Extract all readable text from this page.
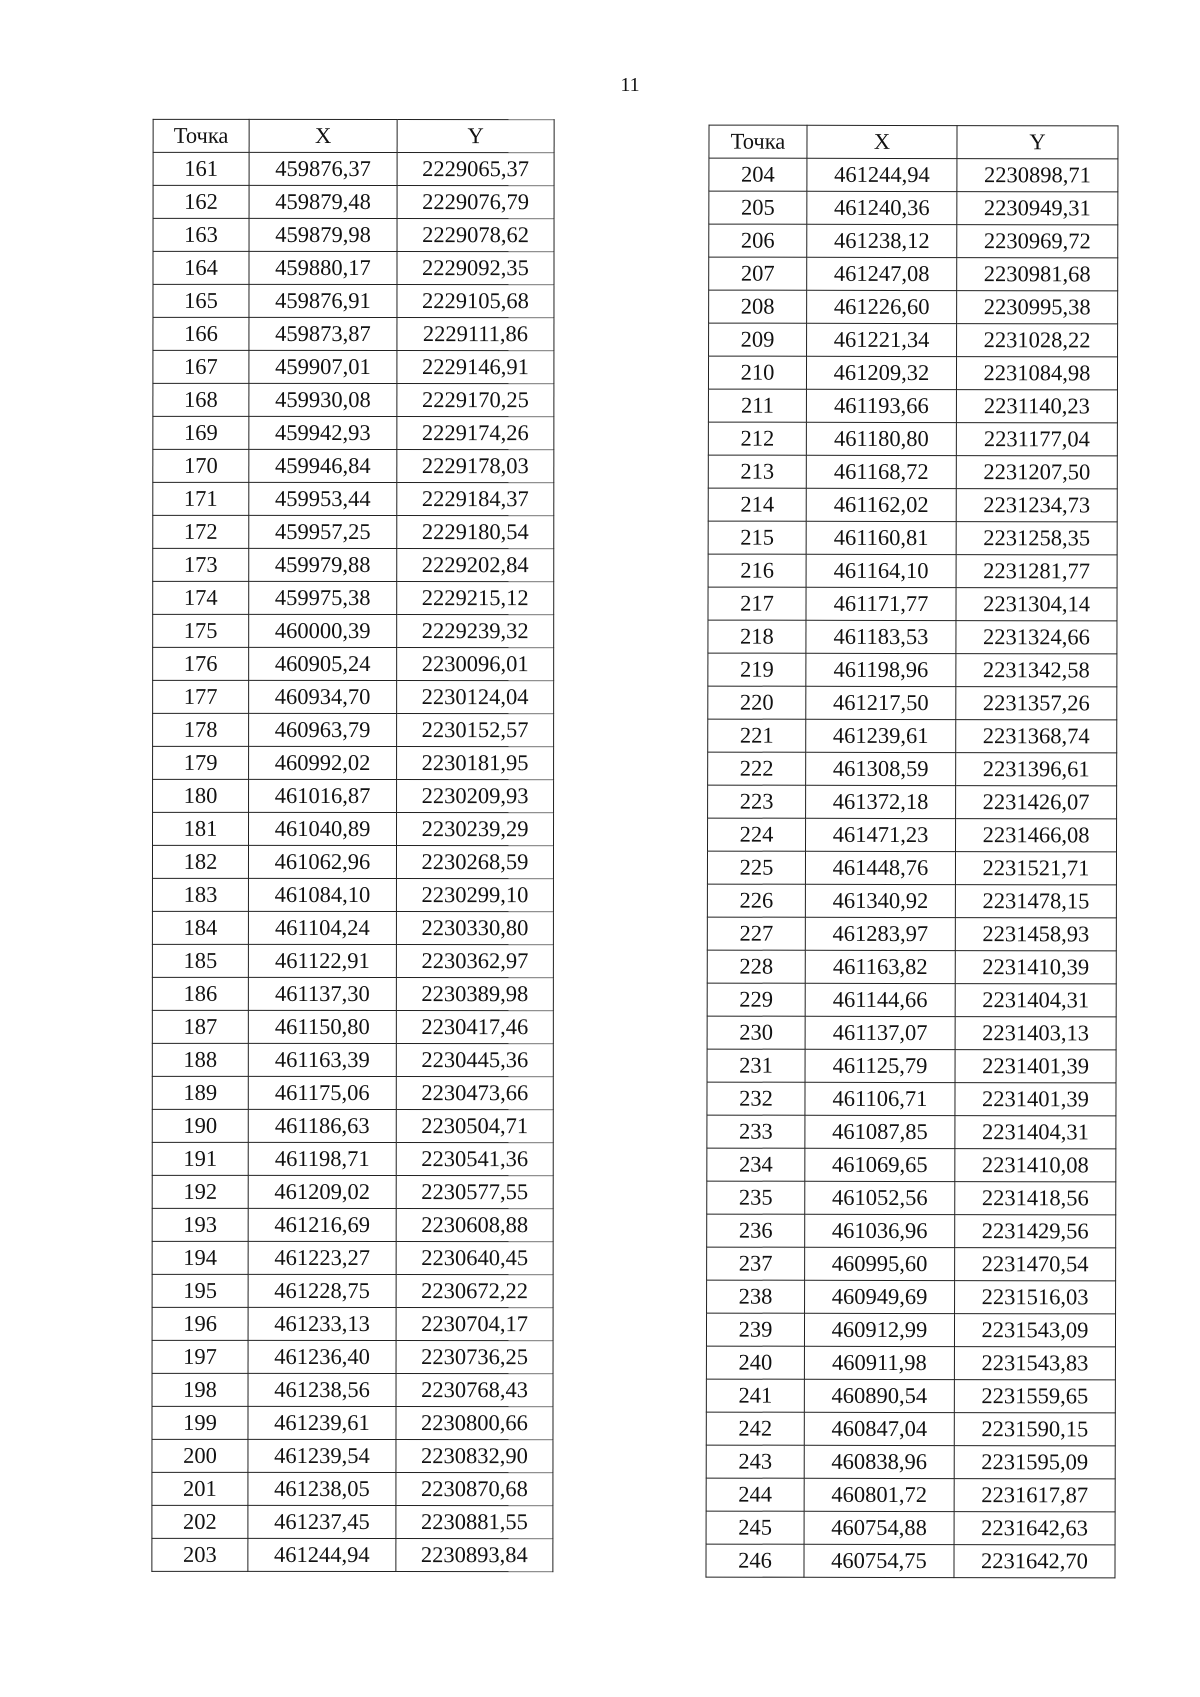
11
Точка	X	Y
161	459876,37	2229065,37
162	459879,48	2229076,79
163	459879,98	2229078,62
164	459880,17	2229092,35
165	459876,91	2229105,68
166	459873,87	2229111,86
167	459907,01	2229146,91
168	459930,08	2229170,25
169	459942,93	2229174,26
170	459946,84	2229178,03
171	459953,44	2229184,37
172	459957,25	2229180,54
173	459979,88	2229202,84
174	459975,38	2229215,12
175	460000,39	2229239,32
176	460905,24	2230096,01
177	460934,70	2230124,04
178	460963,79	2230152,57
179	460992,02	2230181,95
180	461016,87	2230209,93
181	461040,89	2230239,29
182	461062,96	2230268,59
183	461084,10	2230299,10
184	461104,24	2230330,80
185	461122,91	2230362,97
186	461137,30	2230389,98
187	461150,80	2230417,46
188	461163,39	2230445,36
189	461175,06	2230473,66
190	461186,63	2230504,71
191	461198,71	2230541,36
192	461209,02	2230577,55
193	461216,69	2230608,88
194	461223,27	2230640,45
195	461228,75	2230672,22
196	461233,13	2230704,17
197	461236,40	2230736,25
198	461238,56	2230768,43
199	461239,61	2230800,66
200	461239,54	2230832,90
201	461238,05	2230870,68
202	461237,45	2230881,55
203	461244,94	2230893,84
Точка	X	Y
204	461244,94	2230898,71
205	461240,36	2230949,31
206	461238,12	2230969,72
207	461247,08	2230981,68
208	461226,60	2230995,38
209	461221,34	2231028,22
210	461209,32	2231084,98
211	461193,66	2231140,23
212	461180,80	2231177,04
213	461168,72	2231207,50
214	461162,02	2231234,73
215	461160,81	2231258,35
216	461164,10	2231281,77
217	461171,77	2231304,14
218	461183,53	2231324,66
219	461198,96	2231342,58
220	461217,50	2231357,26
221	461239,61	2231368,74
222	461308,59	2231396,61
223	461372,18	2231426,07
224	461471,23	2231466,08
225	461448,76	2231521,71
226	461340,92	2231478,15
227	461283,97	2231458,93
228	461163,82	2231410,39
229	461144,66	2231404,31
230	461137,07	2231403,13
231	461125,79	2231401,39
232	461106,71	2231401,39
233	461087,85	2231404,31
234	461069,65	2231410,08
235	461052,56	2231418,56
236	461036,96	2231429,56
237	460995,60	2231470,54
238	460949,69	2231516,03
239	460912,99	2231543,09
240	460911,98	2231543,83
241	460890,54	2231559,65
242	460847,04	2231590,15
243	460838,96	2231595,09
244	460801,72	2231617,87
245	460754,88	2231642,63
246	460754,75	2231642,70
